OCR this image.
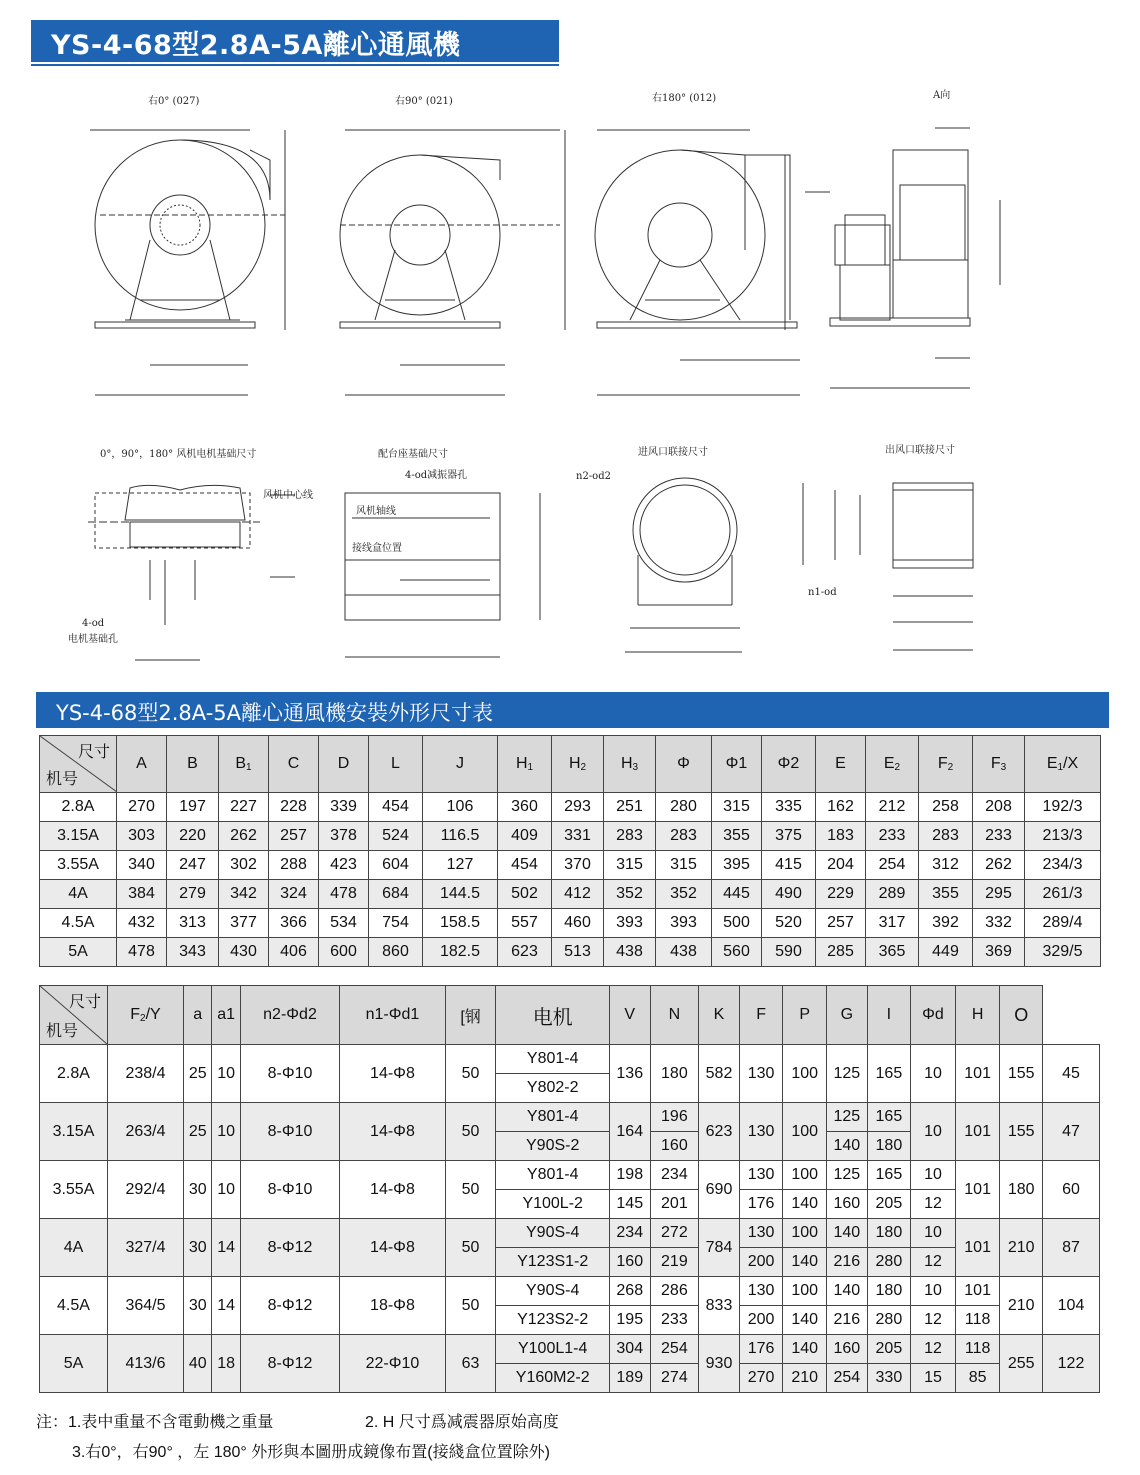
YS-4-68型2.8A-5A離心通風機
右0° (027)	右90° (021)	右180° (012)	A向
0°，90°，180° 风机电机基础尺寸	配台座基础尺寸	进风口联接尺寸	出风口联接尺寸
风机中心线
4-od
电机基础孔
4-od减振器孔
风机轴线
接线盒位置
n2-od2
n1-od
YS-4-68型2.8A-5A離心通風機安裝外形尺寸表
尺寸
机号	A	B	$B_1$	C	D	L	J	$H_1$	$H_2$	$H_3$	Φ	Φ1	Φ2	E	$E_2$	$F_2$	$F_3$	$E_1/X$
2.8A	270	197	227	228	339	454	106	360	293	251	280	315	335	162	212	258	208	192/3
3.15A	303	220	262	257	378	524	116.5	409	331	283	283	355	375	183	233	283	233	213/3
3.55A	340	247	302	288	423	604	127	454	370	315	315	395	415	204	254	312	262	234/3
4A	384	279	342	324	478	684	144.5	502	412	352	352	445	490	229	289	355	295	261/3
4.5A	432	313	377	366	534	754	158.5	557	460	393	393	500	520	257	317	392	332	289/4
5A	478	343	430	406	600	860	182.5	623	513	438	438	560	590	285	365	449	369	329/5
尺寸
机号	$F_2/Y$	a	a1	n2-Φd2	n1-Φd1	[钢	电机	V	N	K	F	P	G	I	Φd	H	O	
2.8A	238/4	25	10	8-Φ10	14-Φ8	50	Y801-4	136	180	582	130	100	125	165	10	101	155	45
							Y802-2											
3.15A	263/4	25	10	8-Φ10	14-Φ8	50	Y801-4	164	196	623	130	100	125	165	10	101	155	47
							Y90S-2		160				140	180				
3.55A	292/4	30	10	8-Φ10	14-Φ8	50	Y801-4	198	234	690	130	100	125	165	10	101	180	60
							Y100L-2	145	201		176	140	160	205	12			
4A	327/4	30	14	8-Φ12	14-Φ8	50	Y90S-4	234	272	784	130	100	140	180	10	101	210	87
							Y123S1-2	160	219		200	140	216	280	12			
4.5A	364/5	30	14	8-Φ12	18-Φ8	50	Y90S-4	268	286	833	130	100	140	180	10	101	210	104
							Y123S2-2	195	233		200	140	216	280	12	118		
5A	413/6	40	18	8-Φ12	22-Φ10	63	Y100L1-4	304	254	930	176	140	160	205	12	118	255	122
							Y160M2-2	189	274		270	210	254	330	15	85		
注：1.表中重量不含電動機之重量	2. H 尺寸爲减震器原始高度
3.右0°，右90° ，左 180° 外形與本圖册成鏡像布置(接綫盒位置除外)
